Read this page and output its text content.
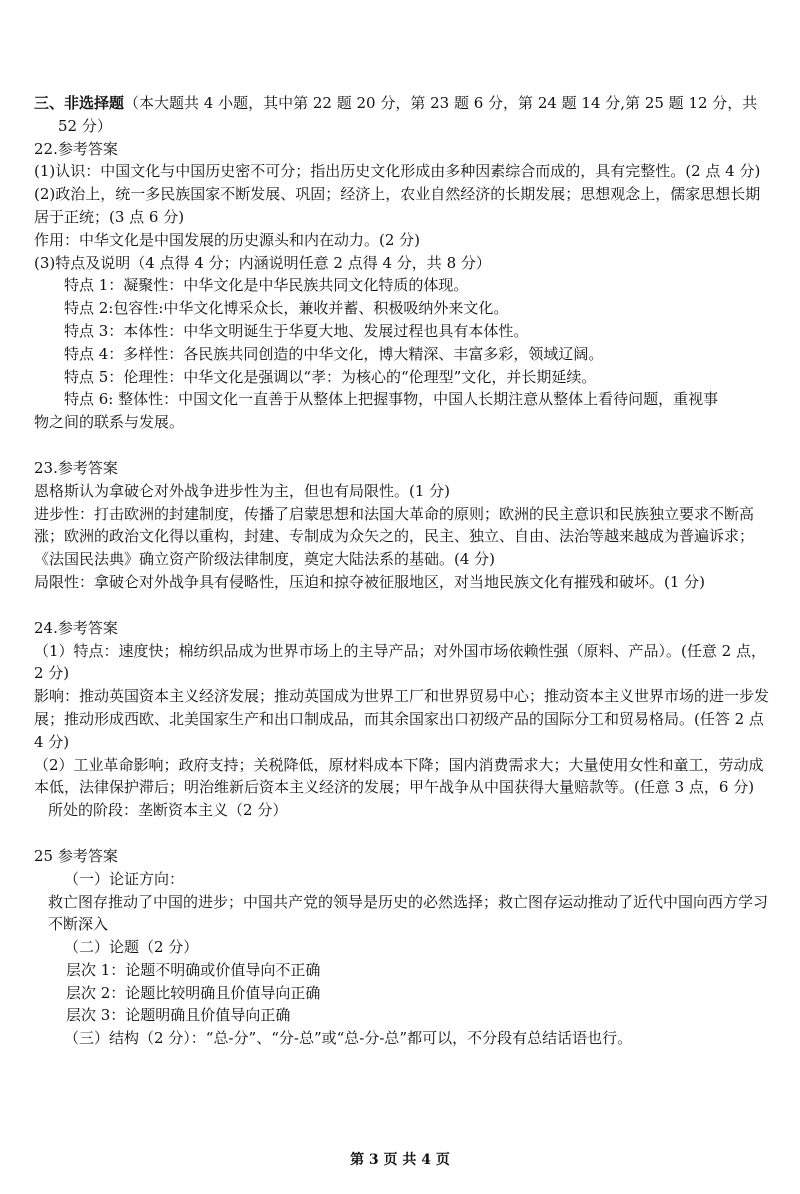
三、非选择题（本大题共 4 小题，其中第 22 题 20 分，第 23 题 6 分，第 24 题 14 分,第 25 题 12 分，共 52 分）

22.参考答案

(1)认识：中国文化与中国历史密不可分；指出历史文化形成由多种因素综合而成的，具有完整性。(2 点 4 分)

(2)政治上，统一多民族国家不断发展、巩固；经济上，农业自然经济的长期发展；思想观念上，儒家思想长期居于正统；(3 点 6 分)

作用：中华文化是中国发展的历史源头和内在动力。(2 分)

(3)特点及说明（4 点得 4 分；内涵说明任意 2 点得 4 分，共 8 分）

特点 1：凝聚性：中华文化是中华民族共同文化特质的体现。

特点 2:包容性:中华文化博采众长，兼收并蓄、积极吸纳外来文化。

特点 3：本体性：中华文明诞生于华夏大地、发展过程也具有本体性。

特点 4：多样性：各民族共同创造的中华文化，博大精深、丰富多彩，领域辽阔。

特点 5：伦理性：中华文化是强调以“孝：为核心的“伦理型”文化，并长期延续。

特点 6: 整体性：中国文化一直善于从整体上把握事物，中国人长期注意从整体上看待问题，重视事

物之间的联系与发展。

23.参考答案

恩格斯认为拿破仑对外战争进步性为主，但也有局限性。(1 分)

进步性：打击欧洲的封建制度，传播了启蒙思想和法国大革命的原则；欧洲的民主意识和民族独立要求不断高涨；欧洲的政治文化得以重构，封建、专制成为众矢之的，民主、独立、自由、法治等越来越成为普遍诉求；《法国民法典》确立资产阶级法律制度，奠定大陆法系的基础。(4 分)

局限性：拿破仑对外战争具有侵略性，压迫和掠夺被征服地区，对当地民族文化有摧残和破坏。(1 分)

24.参考答案

（1）特点：速度快；棉纺织品成为世界市场上的主导产品；对外国市场依赖性强（原料、产品）。(任意 2 点，2 分)

影响：推动英国资本主义经济发展；推动英国成为世界工厂和世界贸易中心；推动资本主义世界市场的进一步发展；推动形成西欧、北美国家生产和出口制成品，而其余国家出口初级产品的国际分工和贸易格局。(任答 2 点 4 分)

（2）工业革命影响；政府支持；关税降低，原材料成本下降；国内消费需求大；大量使用女性和童工，劳动成本低，法律保护滞后；明治维新后资本主义经济的发展；甲午战争从中国获得大量赔款等。(任意 3 点，6 分)

所处的阶段：垄断资本主义（2 分）

25 参考答案

（一）论证方向：

救亡图存推动了中国的进步；中国共产党的领导是历史的必然选择；救亡图存运动推动了近代中国向西方学习不断深入

（二）论题（2 分）

层次 1：论题不明确或价值导向不正确

层次 2：论题比较明确且价值导向正确

层次 3：论题明确且价值导向正确

（三）结构（2 分）：“总-分”、“分-总”或“总-分-总”都可以，不分段有总结话语也行。

第 3 页 共 4 页
